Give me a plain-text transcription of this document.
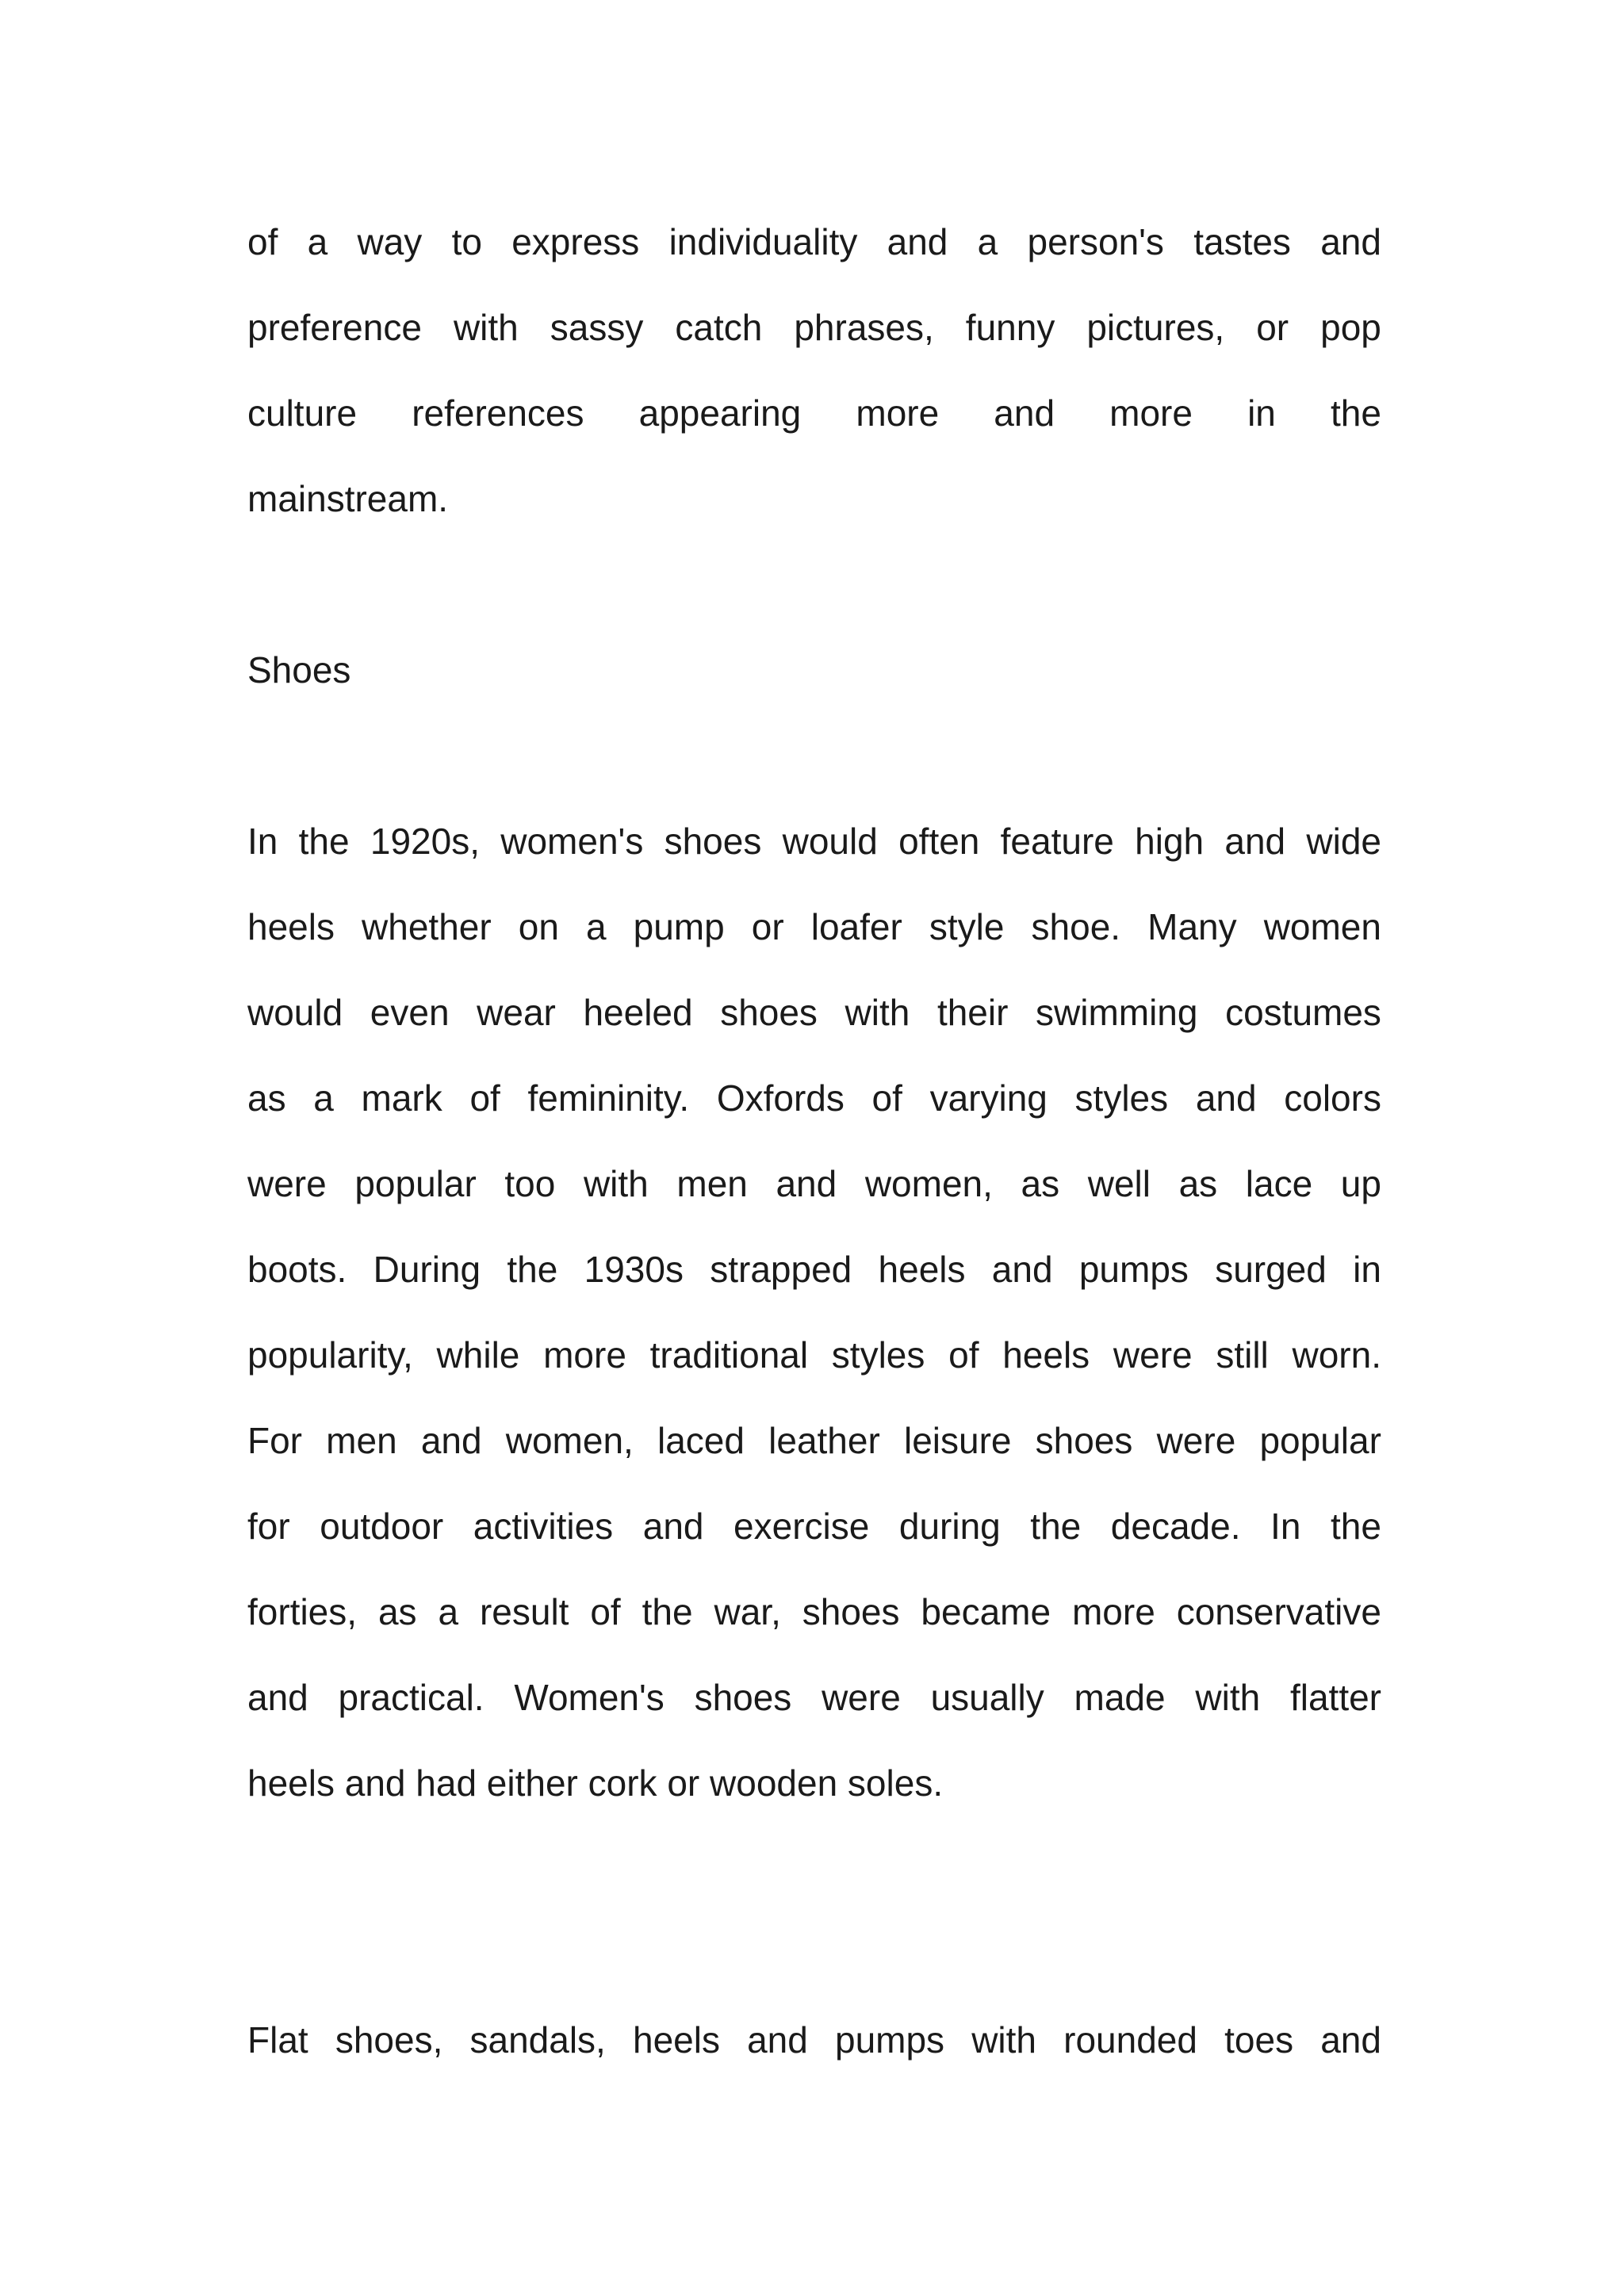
of a way to express individuality and a person's tastes and

preference with sassy catch phrases, funny pictures, or pop

culture references appearing more and more in the

mainstream.

Shoes

In the 1920s, women's shoes would often feature high and wide

heels whether on a pump or loafer style shoe. Many women

would even wear heeled shoes with their swimming costumes

as a mark of femininity. Oxfords of varying styles and colors

were popular too with men and women, as well as lace up

boots. During the 1930s strapped heels and pumps surged in

popularity, while more traditional styles of heels were still worn.

For men and women, laced leather leisure shoes were popular

for outdoor activities and exercise during the decade. In the

forties, as a result of the war, shoes became more conservative

and practical. Women's shoes were usually made with flatter

heels and had either cork or wooden soles.

Flat shoes, sandals, heels and pumps with rounded toes and
